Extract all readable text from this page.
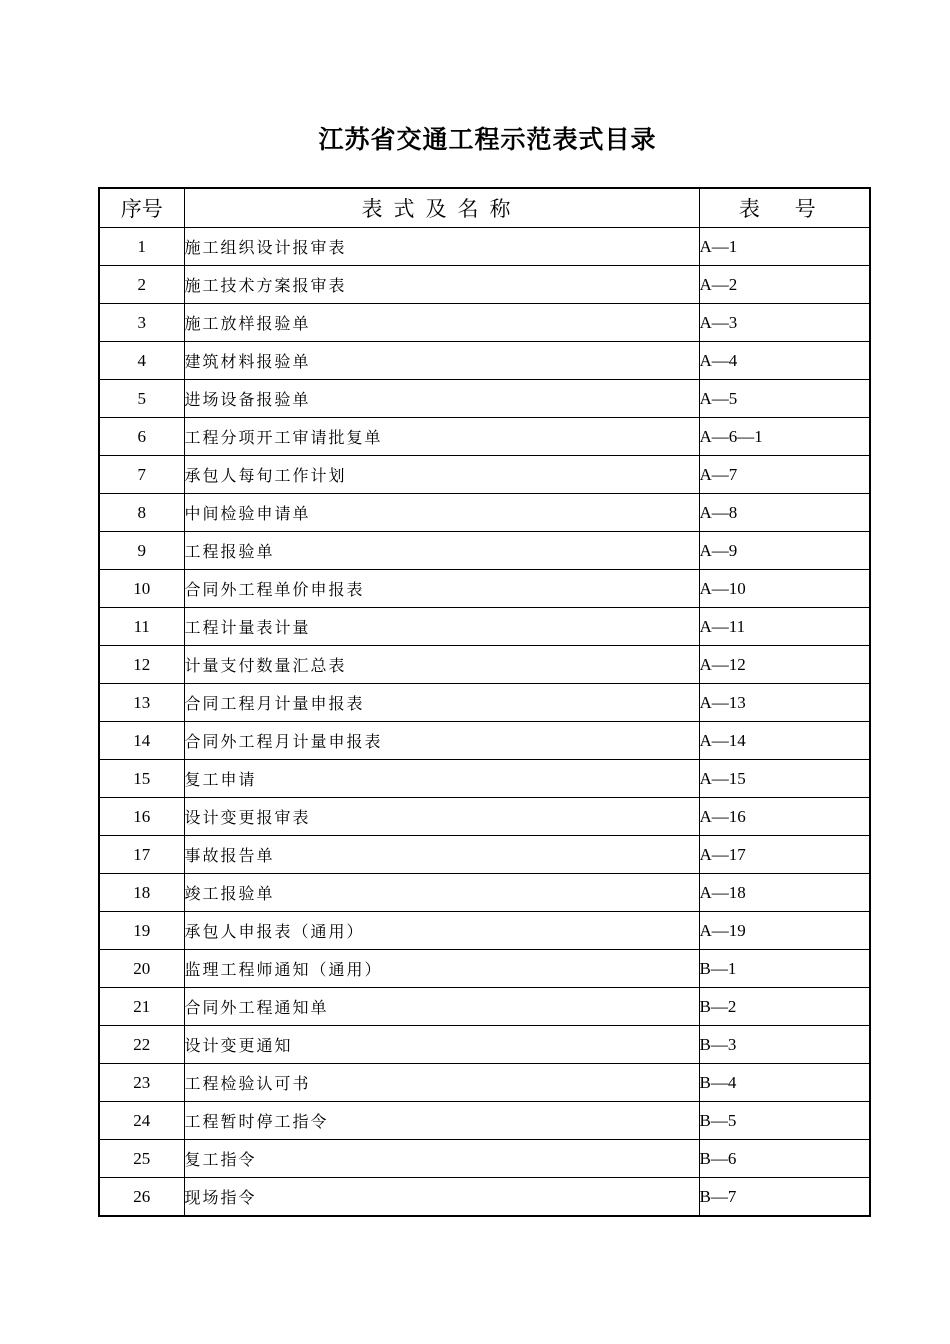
江苏省交通工程示范表式目录
序号	表式及名称	表 号
1	施工组织设计报审表	A—1
2	施工技术方案报审表	A—2
3	施工放样报验单	A—3
4	建筑材料报验单	A—4
5	进场设备报验单	A—5
6	工程分项开工审请批复单	A—6—1
7	承包人每旬工作计划	A—7
8	中间检验申请单	A—8
9	工程报验单	A—9
10	合同外工程单价申报表	A—10
11	工程计量表计量	A—11
12	计量支付数量汇总表	A—12
13	合同工程月计量申报表	A—13
14	合同外工程月计量申报表	A—14
15	复工申请	A—15
16	设计变更报审表	A—16
17	事故报告单	A—17
18	竣工报验单	A—18
19	承包人申报表（通用）	A—19
20	监理工程师通知（通用）	B—1
21	合同外工程通知单	B—2
22	设计变更通知	B—3
23	工程检验认可书	B—4
24	工程暂时停工指令	B—5
25	复工指令	B—6
26	现场指令	B—7
